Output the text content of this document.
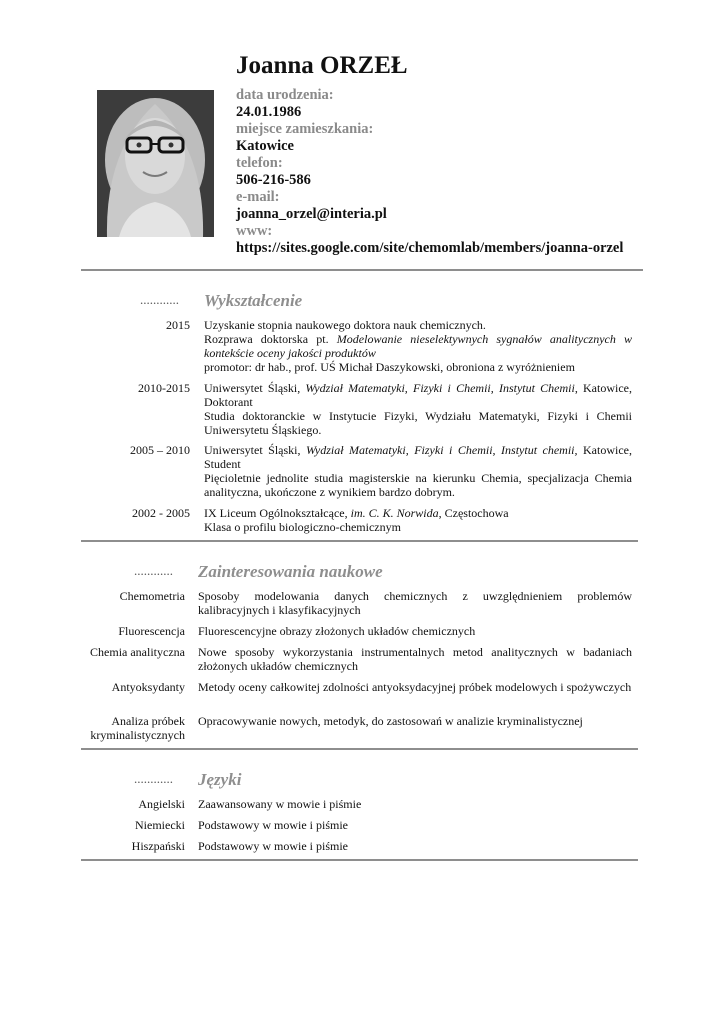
Joanna ORZEŁ
data urodzenia:
24.01.1986
miejsce zamieszkania:
Katowice
telefon:
506-216-586
e-mail:
joanna_orzel@interia.pl
www:
https://sites.google.com/site/chemomlab/members/joanna-orzel
............ Wykształcenie
2015 Uzyskanie stopnia naukowego doktora nauk chemicznych.
Rozprawa doktorska pt. Modelowanie nieselektywnych sygnałów analitycznych w kontekście oceny jakości produktów
promotor: dr hab., prof. UŚ Michał Daszykowski, obroniona z wyróżnieniem
2010-2015 Uniwersytet Śląski, Wydział Matematyki, Fizyki i Chemii, Instytut Chemii, Katowice, Doktorant
Studia doktoranckie w Instytucie Fizyki, Wydziału Matematyki, Fizyki i Chemii Uniwersytetu Śląskiego.
2005 – 2010 Uniwersytet Śląski, Wydział Matematyki, Fizyki i Chemii, Instytut chemii, Katowice, Student
Pięcioletnie jednolite studia magisterskie na kierunku Chemia, specjalizacja Chemia analityczna, ukończone z wynikiem bardzo dobrym.
2002 - 2005 IX Liceum Ogólnokształcące, im. C. K. Norwida, Częstochowa
Klasa o profilu biologiczno-chemicznym
............ Zainteresowania naukowe
Chemometria Sposoby modelowania danych chemicznych z uwzględnieniem problemów kalibracyjnych i klasyfikacyjnych
Fluorescencja Fluorescencyjne obrazy złożonych układów chemicznych
Chemia analityczna Nowe sposoby wykorzystania instrumentalnych metod analitycznych w badaniach złożonych układów chemicznych
Antyoksydanty Metody oceny całkowitej zdolności antyoksydacyjnej próbek modelowych i spożywczych
Analiza próbek kryminalistycznych
Opracowywanie nowych, metodyk, do zastosowań w analizie kryminalistycznej
............ Języki
Angielski Zaawansowany w mowie i piśmie
Niemiecki Podstawowy w mowie i piśmie
Hiszpański Podstawowy w mowie i piśmie
